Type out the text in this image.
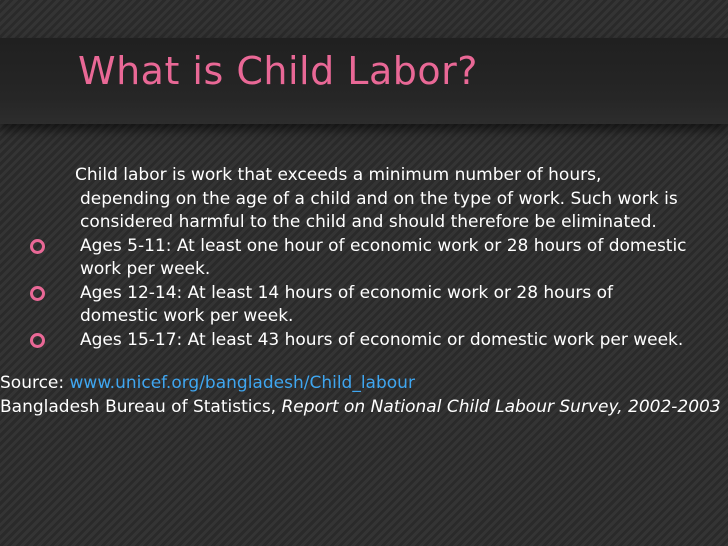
What is Child Labor?

Child labor is work that exceeds a minimum number of hours, depending on the age of a child and on the type of work. Such work is considered harmful to the child and should therefore be eliminated.

Ages 5-11: At least one hour of economic work or 28 hours of domestic work per week.
Ages 12-14: At least 14 hours of economic work or 28 hours of domestic work per week.
Ages 15-17: At least 43 hours of economic or domestic work per week.

Source: www.unicef.org/bangladesh/Child_labour

Bangladesh Bureau of Statistics, Report on National Child Labour Survey, 2002-2003
